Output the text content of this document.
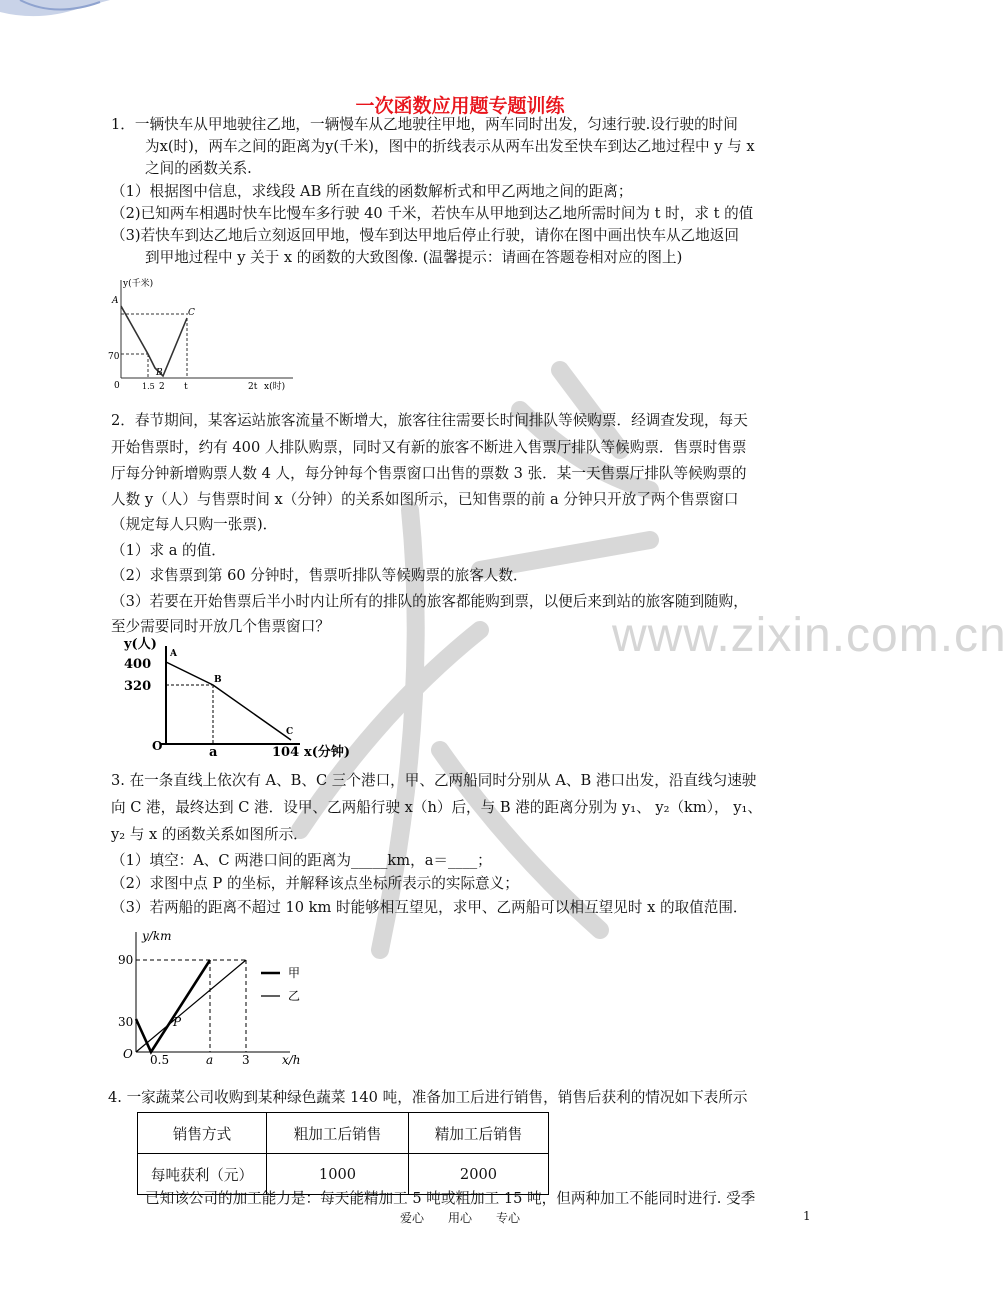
www.zixin.com.cn
一次函数应用题专题训练
1．一辆快车从甲地驶往乙地，一辆慢车从乙地驶往甲地，两车同时出发，匀速行驶.设行驶的时间
为x(时)，两车之间的距离为y(千米)，图中的折线表示从两车出发至快车到达乙地过程中 y 与 x
之间的函数关系.
（1）根据图中信息，求线段 AB 所在直线的函数解析式和甲乙两地之间的距离；
（2)已知两车相遇时快车比慢车多行驶 40 千米，若快车从甲地到达乙地所需时间为 t 时，求 t 的值
（3)若快车到达乙地后立刻返回甲地，慢车到达甲地后停止行驶，请你在图中画出快车从乙地返回
到甲地过程中 y 关于 x 的函数的大致图像. (温馨提示：请画在答题卷相对应的图上)
y(千米)
A
C
B
70
0	1.5 2 t	2t x(时)
2．春节期间，某客运站旅客流量不断增大，旅客往往需要长时间排队等候购票．经调查发现，每天
开始售票时，约有 400 人排队购票，同时又有新的旅客不断进入售票厅排队等候购票．售票时售票
厅每分钟新增购票人数 4 人，每分钟每个售票窗口出售的票数 3 张．某一天售票厅排队等候购票的
人数 y（人）与售票时间 x（分钟）的关系如图所示，已知售票的前 a 分钟只开放了两个售票窗口
（规定每人只购一张票)．
（1）求 a 的值．
（2）求售票到第 60 分钟时，售票听排队等候购票的旅客人数．
（3）若要在开始售票后半小时内让所有的排队的旅客都能购到票，以便后来到站的旅客随到随购，
至少需要同时开放几个售票窗口？
y(人)
400
320
A
B
C
O	a	104 x(分钟)
3. 在一条直线上依次有 A、B、C 三个港口，甲、乙两船同时分别从 A、B 港口出发，沿直线匀速驶
向 C 港，最终达到 C 港．设甲、乙两船行驶 x（h）后，与 B 港的距离分别为 y₁、 y₂（km）， y₁、
y₂ 与 x 的函数关系如图所示．
（1）填空：A、C 两港口间的距离为_____km，a＝____；
（2）求图中点 P 的坐标，并解释该点坐标所表示的实际意义；
（3）若两船的距离不超过 10 km 时能够相互望见，求甲、乙两船可以相互望见时 x 的取值范围．
y/km
90
30
O 0.5	a 3	x/h
P
甲
乙
4. 一家蔬菜公司收购到某种绿色蔬菜 140 吨，准备加工后进行销售，销售后获利的情况如下表所示
销售方式	粗加工后销售	精加工后销售
每吨获利（元）	1000	2000
已知该公司的加工能力是：每天能精加工 5 吨或粗加工 15 吨，但两种加工不能同时进行. 受季
爱心　　用心　　专心	1
